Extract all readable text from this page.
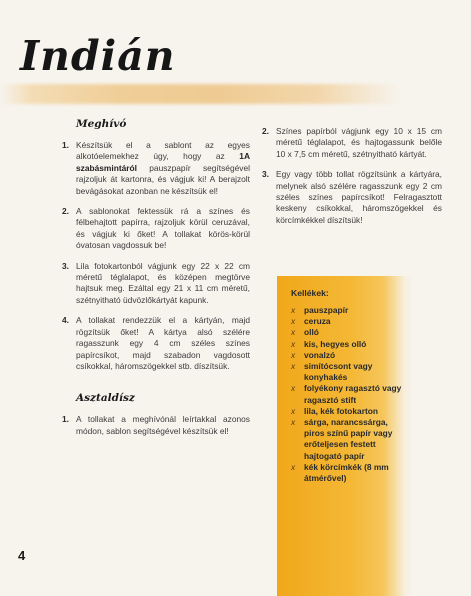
Indián
Meghívó
1. Készítsük el a sablont az egyes alkotóelemekhez úgy, hogy az 1A szabásmintáról pauszpapír segítségével rajzoljuk át kartonra, és vágjuk ki! A berajzolt bevágásokat azonban ne készítsük el!
2. A sablonokat fektessük rá a színes és félbehajtott papírra, rajzoljuk körül ceruzával, és vágjuk ki őket! A tollakat körös-körül óvatosan vagdossuk be!
3. Lila fotokartonból vágjunk egy 22 x 22 cm méretű téglalapot, és középen megtörve hajtsuk meg. Ezáltal egy 21 x 11 cm méretű, szétnyitható üdvözlőkártyát kapunk.
4. A tollakat rendezzük el a kártyán, majd rögzítsük őket! A kártya alsó szélére ragasszunk egy 4 cm széles színes papírcsíkot, majd szabadon vagdosott csíkokkal, háromszögekkel stb. díszítsük.
Asztaldísz
1. A tollakat a meghívónál leírtakkal azonos módon, sablon segítségével készítsük el!
2. Színes papírból vágjunk egy 10 x 15 cm méretű téglalapot, és hajtogassunk belőle 10 x 7,5 cm méretű, szétnyitható kártyát.
3. Egy vagy több tollat rögzítsünk a kártyára, melynek alsó szélére ragasszunk egy 2 cm széles színes papírcsíkot! Felragasztott keskeny csíkokkal, háromszögekkel és körcímkékkel díszítsük!
Kellékek:
x pauszpapír
x ceruza
x olló
x kis, hegyes olló
x vonalzó
x simítócsont vagy konyhakés
x folyékony ragasztó vagy ragasztó stift
x lila, kék fotokarton
x sárga, narancssárga, piros színű papír vagy erőteljesen festett hajtogató papír
x kék körcímkék (8 mm átmérővel)
4
